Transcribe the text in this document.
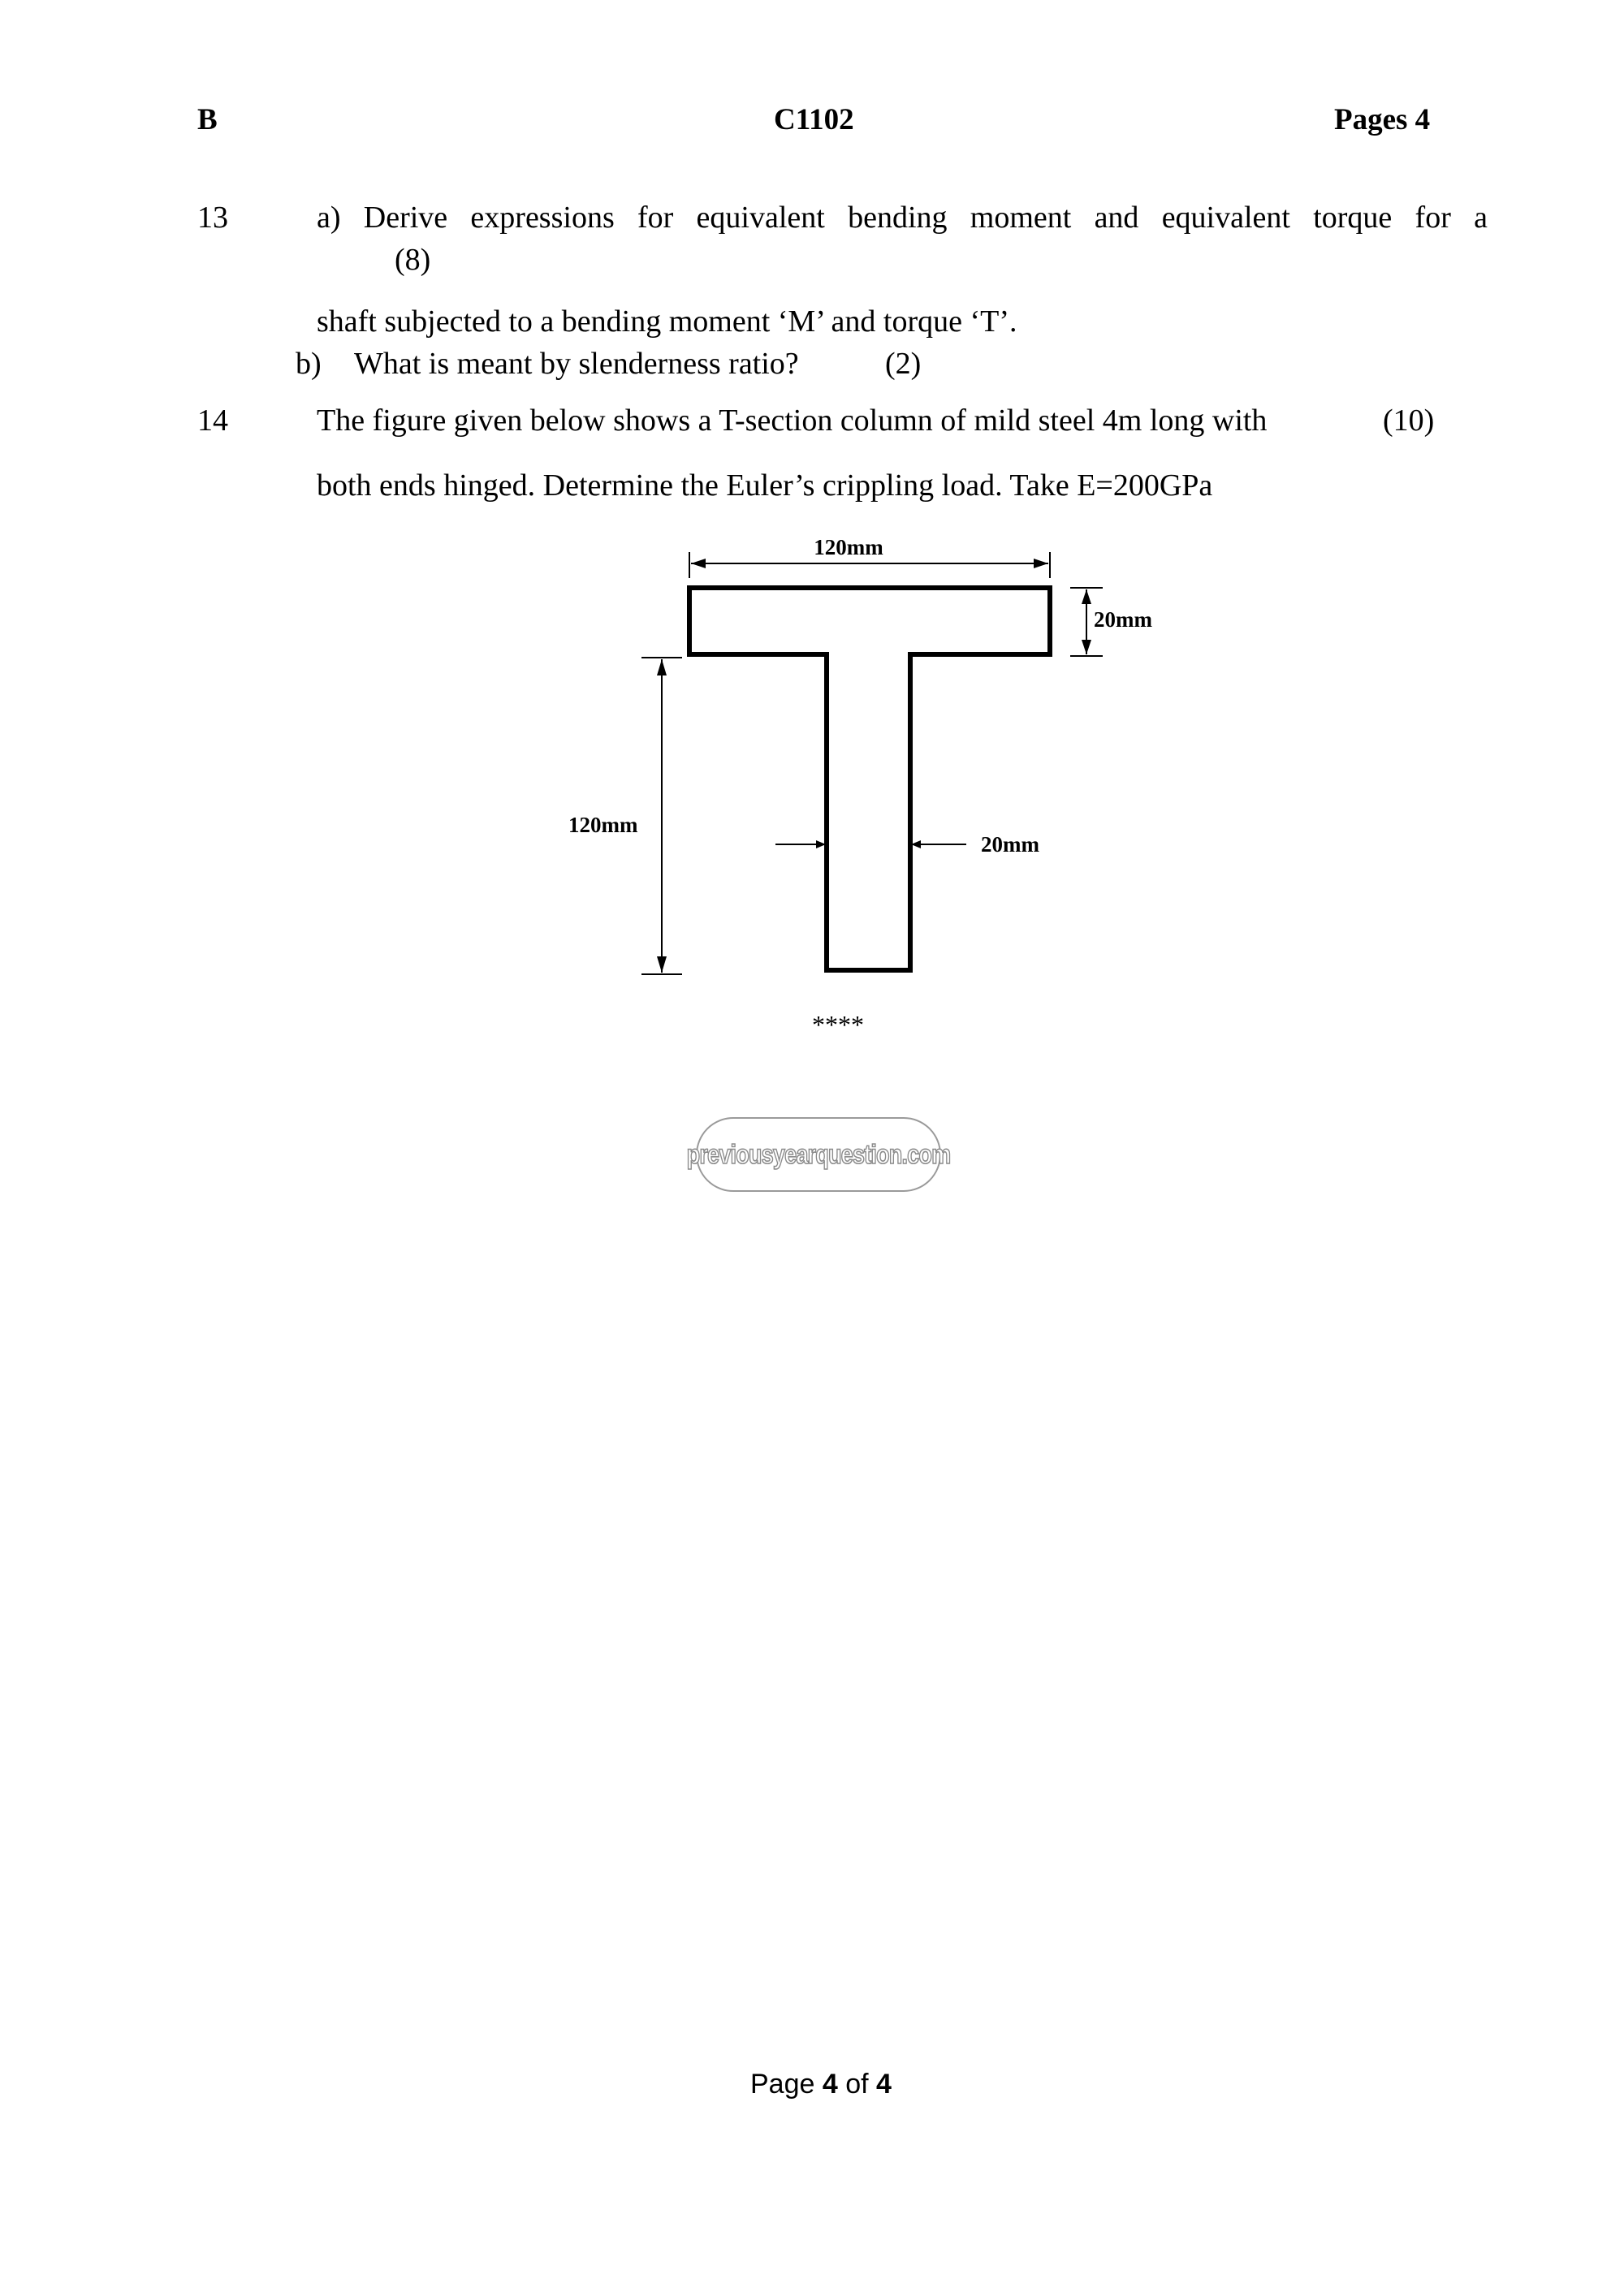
B	C1102	Pages 4
13	a) Derive expressions for equivalent bending moment and equivalent torque for a
(8)
shaft subjected to a bending moment ‘M’ and torque ‘T’.
b) What is meant by slenderness ratio?	(2)
14	The figure given below shows a T-section column of mild steel 4m long with	(10)
both ends hinged. Determine the Euler’s crippling load. Take E=200GPa
120mm
20mm
120mm
20mm
****
previousyearquestion.com
Page 4 of 4
